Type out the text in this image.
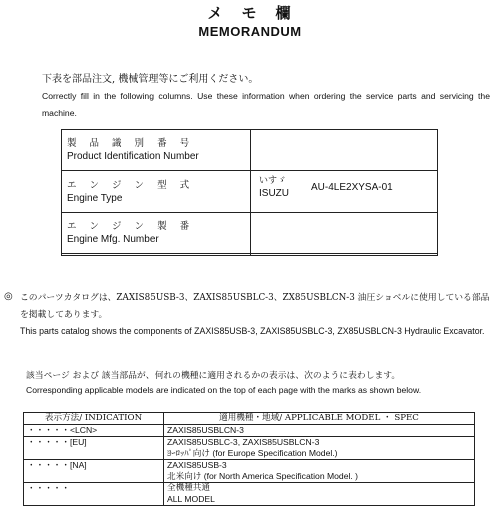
メ　モ　欄
MEMORANDUM
下表を部品注文, 機械管理等にご利用ください。
Correctly fill in the following columns. Use these information when ordering the service parts and servicing the machine.
製 品 識 別 番 号
Product Identification Number	

エ ン ジ ン 型 式
Engine Type	いすゞ
ISUZU
AU-4LE2XYSA-01

エ ン ジ ン 製 番
Engine Mfg. Number	

◎ このパーツカタログは、ZAXIS85USB-3、ZAXIS85USBLC-3、ZX85USBLCN-3 油圧ショベルに使用している部品を掲載してあります。
This parts catalog shows the components of ZAXIS85USB-3, ZAXIS85USBLC-3, ZX85USBLCN-3 Hydraulic Excavator.
該当ページ および 該当部品が、何れの機種に適用されるかの表示は、次のように表わします。
Corresponding applicable models are indicated on the top of each page with the marks as shown below.
表示方法/ INDICATION	適用機種・地域/ APPLICABLE MODEL ・ SPEC
・・・・・<LCN>	ZAXIS85USBLCN-3

・・・・・[EU]	ZAXIS85USBLC-3, ZAXIS85USBLCN-3
ﾖｰﾛｯﾊﾟ向け (for Europe Specification Model.)

・・・・・[NA]	ZAXIS85USB-3
北米向け (for North America Specification Model. )

・・・・・	全機種共通
ALL MODEL
